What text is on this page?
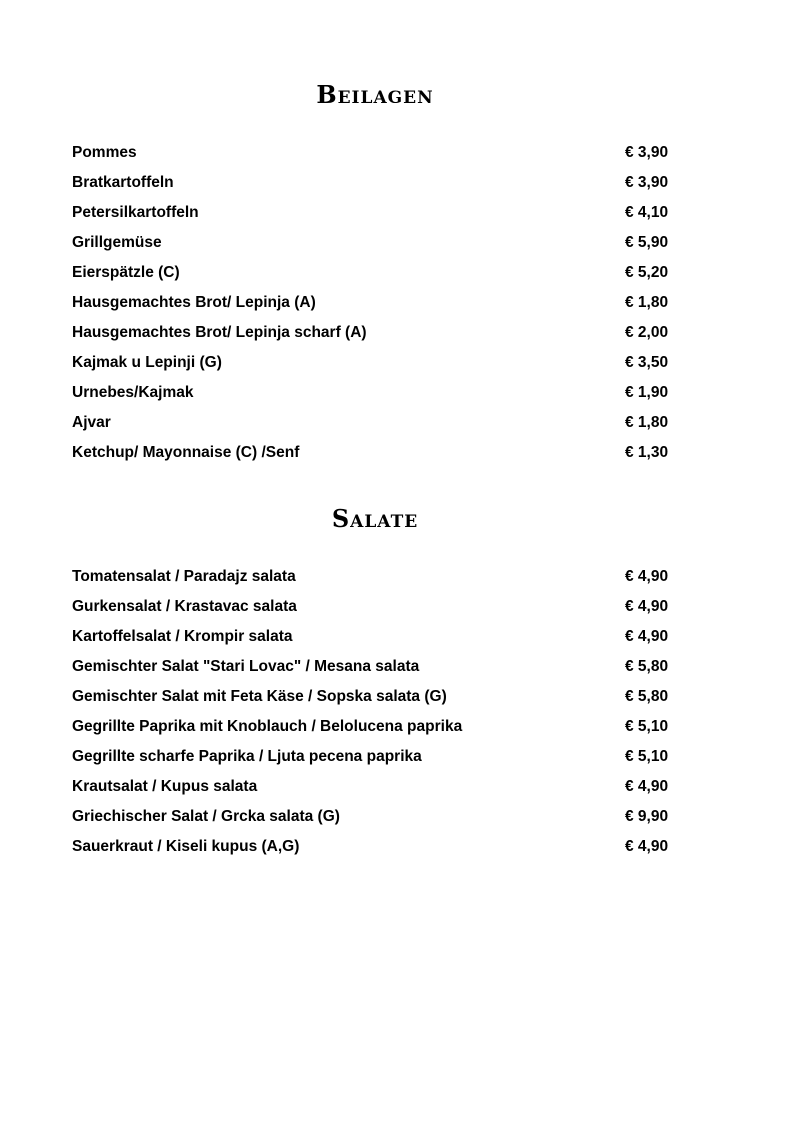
Beilagen
Pommes	€ 3,90
Bratkartoffeln	€ 3,90
Petersilkartoffeln	€ 4,10
Grillgemüse	€ 5,90
Eierspätzle (C)	€ 5,20
Hausgemachtes Brot/ Lepinja (A)	€ 1,80
Hausgemachtes Brot/ Lepinja scharf (A)	€ 2,00
Kajmak u Lepinji (G)	€ 3,50
Urnebes/Kajmak	€ 1,90
Ajvar	€ 1,80
Ketchup/ Mayonnaise (C) /Senf	€ 1,30
Salate
Tomatensalat / Paradajz salata	€ 4,90
Gurkensalat / Krastavac salata	€ 4,90
Kartoffelsalat / Krompir salata	€ 4,90
Gemischter Salat "Stari Lovac" / Mesana salata	€ 5,80
Gemischter Salat mit Feta Käse / Sopska salata (G)	€ 5,80
Gegrillte Paprika mit Knoblauch / Belolucena paprika	€ 5,10
Gegrillte scharfe Paprika / Ljuta pecena paprika	€ 5,10
Krautsalat / Kupus salata	€ 4,90
Griechischer Salat / Grcka salata (G)	€ 9,90
Sauerkraut / Kiseli kupus (A,G)	€ 4,90
